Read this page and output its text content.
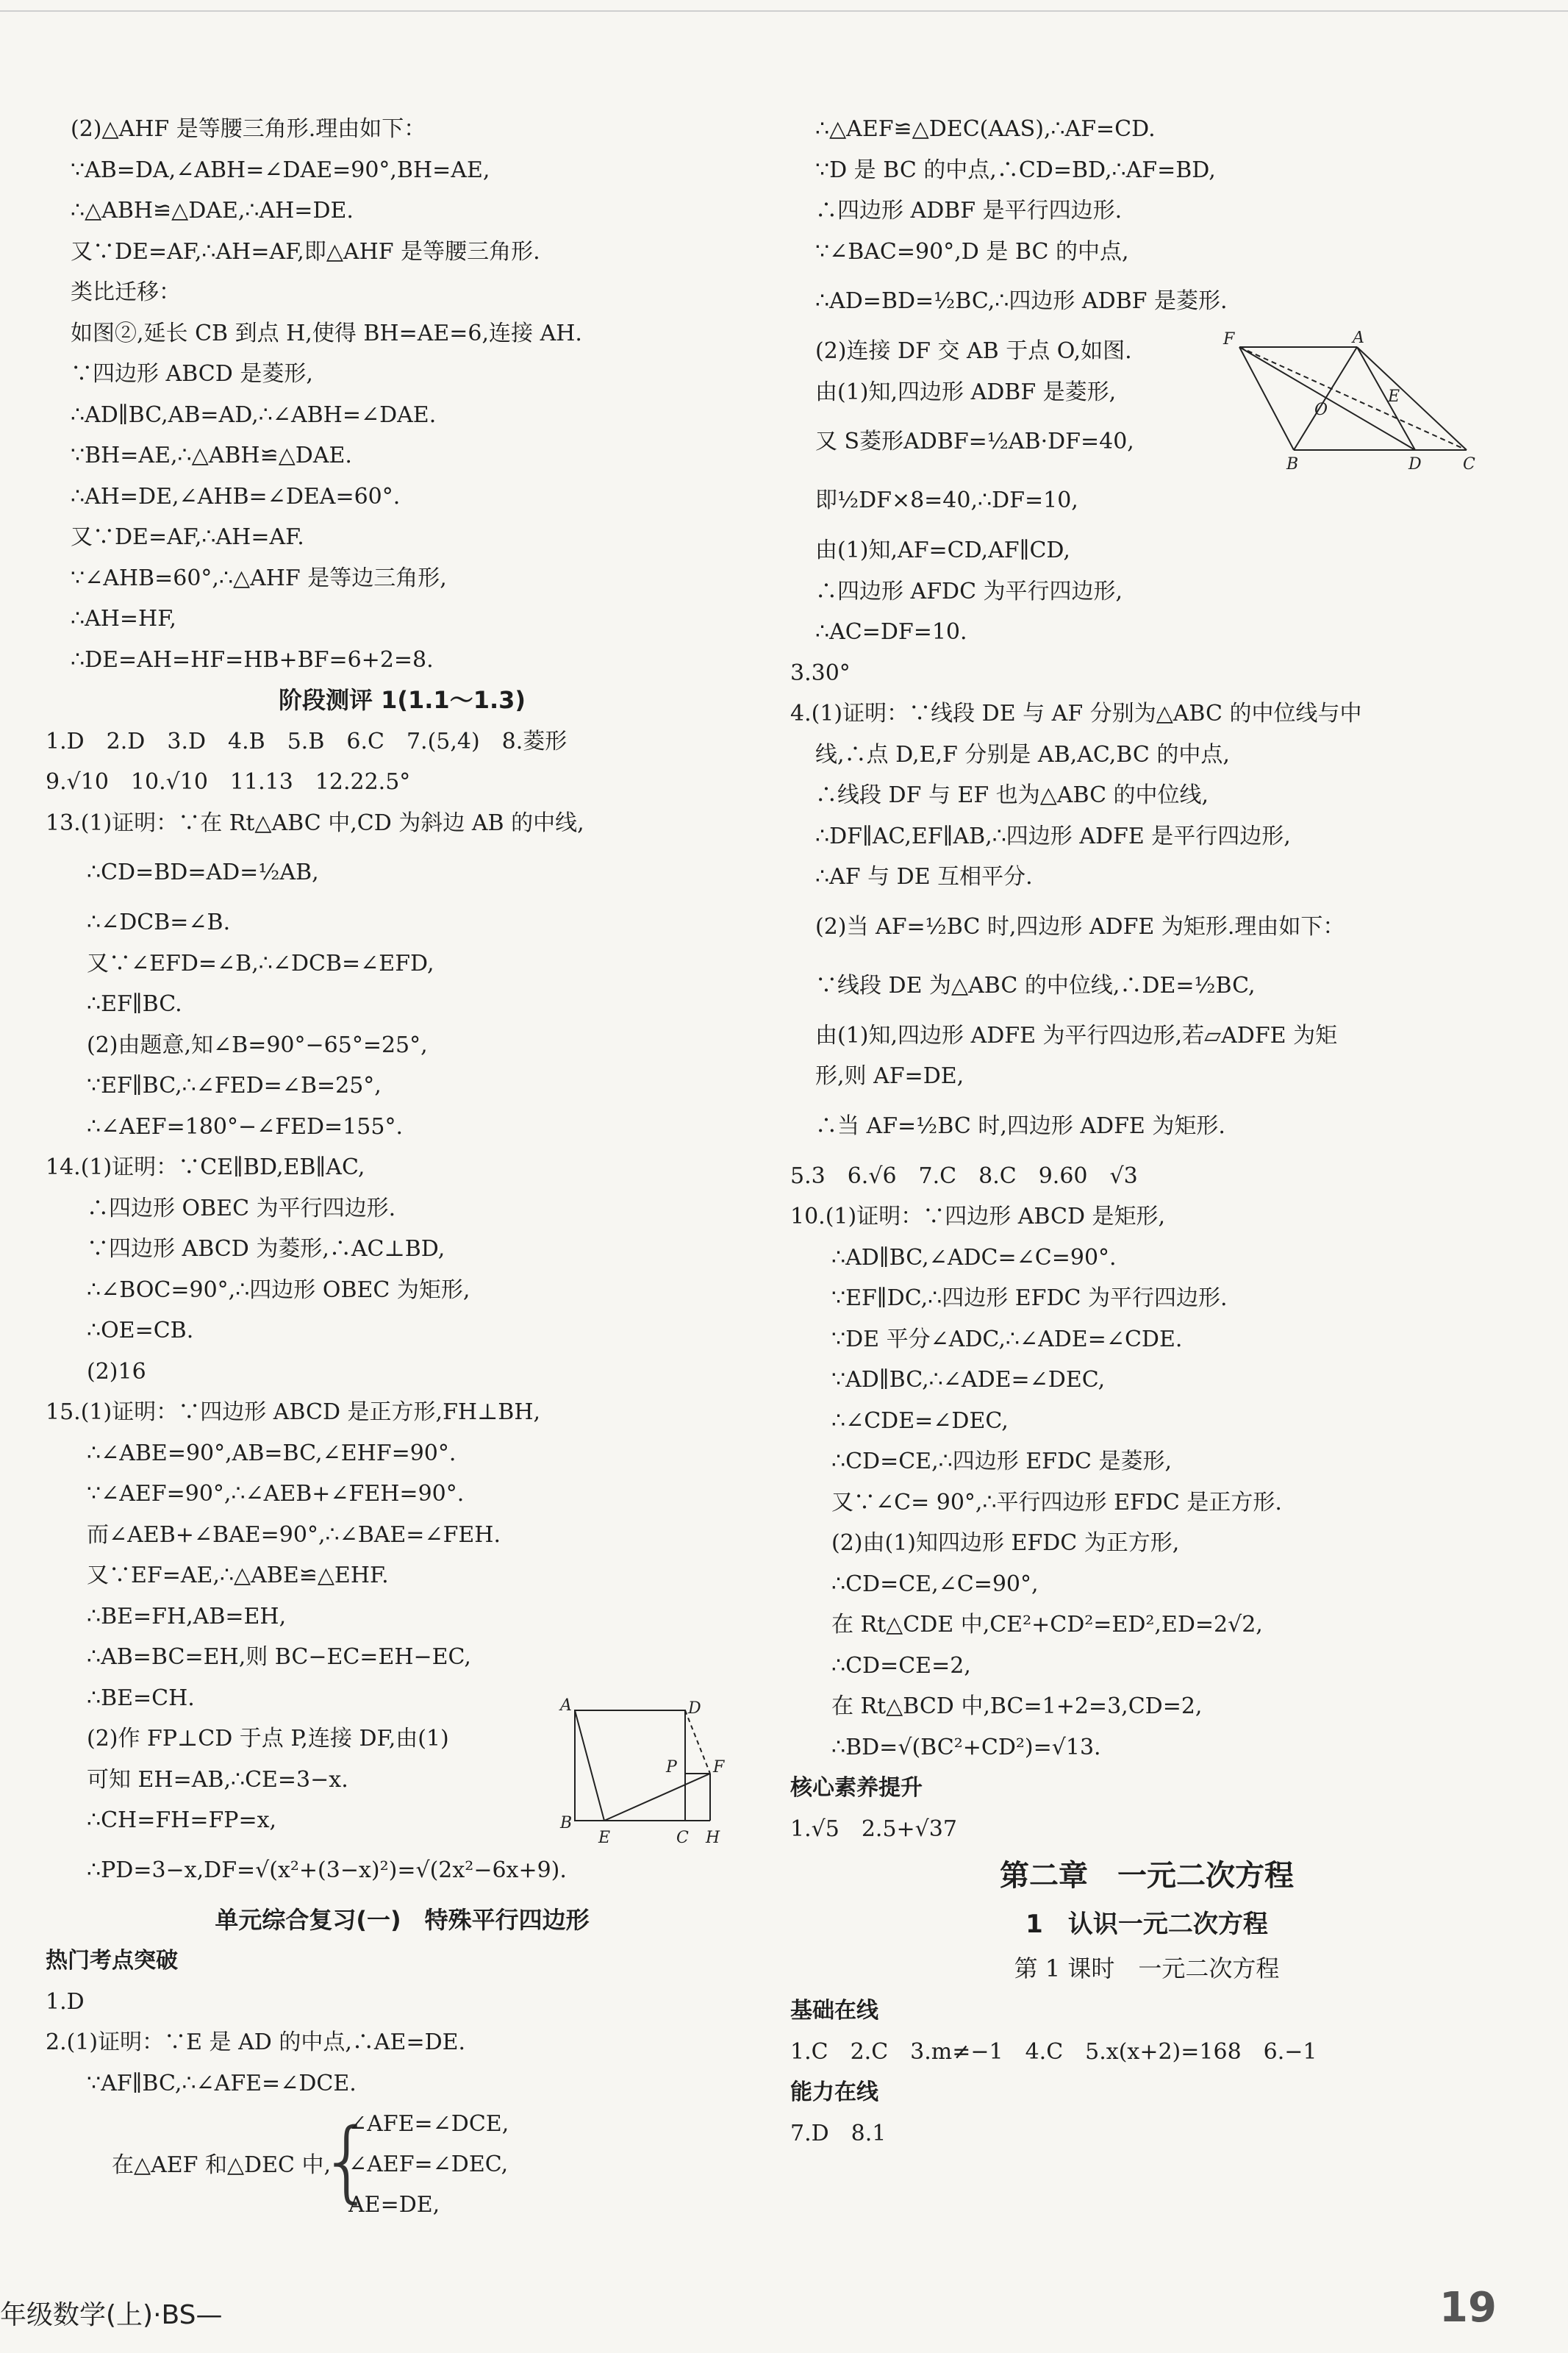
(2)△AHF 是等腰三角形.理由如下：
∵AB=DA,∠ABH=∠DAE=90°,BH=AE,
∴△ABH≌△DAE,∴AH=DE.
又∵DE=AF,∴AH=AF,即△AHF 是等腰三角形.
类比迁移：
如图②,延长 CB 到点 H,使得 BH=AE=6,连接 AH.
∵四边形 ABCD 是菱形,
∴AD∥BC,AB=AD,∴∠ABH=∠DAE.
∵BH=AE,∴△ABH≌△DAE.
∴AH=DE,∠AHB=∠DEA=60°.
又∵DE=AF,∴AH=AF.
∵∠AHB=60°,∴△AHF 是等边三角形,
∴AH=HF,
∴DE=AH=HF=HB+BF=6+2=8.
阶段测评 1(1.1～1.3)
1.D　2.D　3.D　4.B　5.B　6.C　7.(5,4)　8.菱形
9.√10　10.√10　11.13　12.22.5°
13.(1)证明：∵在 Rt△ABC 中,CD 为斜边 AB 的中线,
∴CD=BD=AD=½AB,
∴∠DCB=∠B.
又∵∠EFD=∠B,∴∠DCB=∠EFD,
∴EF∥BC.
(2)由题意,知∠B=90°−65°=25°,
∵EF∥BC,∴∠FED=∠B=25°,
∴∠AEF=180°−∠FED=155°.
14.(1)证明：∵CE∥BD,EB∥AC,
∴四边形 OBEC 为平行四边形.
∵四边形 ABCD 为菱形,∴AC⊥BD,
∴∠BOC=90°,∴四边形 OBEC 为矩形,
∴OE=CB.
(2)16
15.(1)证明：∵四边形 ABCD 是正方形,FH⊥BH,
∴∠ABE=90°,AB=BC,∠EHF=90°.
∵∠AEF=90°,∴∠AEB+∠FEH=90°.
而∠AEB+∠BAE=90°,∴∠BAE=∠FEH.
又∵EF=AE,∴△ABE≌△EHF.
∴BE=FH,AB=EH,
∴AB=BC=EH,则 BC−EC=EH−EC,
∴BE=CH.
(2)作 FP⊥CD 于点 P,连接 DF,由(1)
可知 EH=AB,∴CE=3−x.
∴CH=FH=FP=x,
∴PD=3−x,DF=√(x²+(3−x)²)=√(2x²−6x+9).
单元综合复习(一)　特殊平行四边形
热门考点突破
1.D
2.(1)证明：∵E 是 AD 的中点,∴AE=DE.
∵AF∥BC,∴∠AFE=∠DCE.
在△AEF 和△DEC 中,
{
∠AFE=∠DCE,
∠AEF=∠DEC,
AE=DE,
∴△AEF≌△DEC(AAS),∴AF=CD.
∵D 是 BC 的中点,∴CD=BD,∴AF=BD,
∴四边形 ADBF 是平行四边形.
∵∠BAC=90°,D 是 BC 的中点,
∴AD=BD=½BC,∴四边形 ADBF 是菱形.
(2)连接 DF 交 AB 于点 O,如图.
由(1)知,四边形 ADBF 是菱形,
又 S菱形ADBF=½AB·DF=40,
即½DF×8=40,∴DF=10,
由(1)知,AF=CD,AF∥CD,
∴四边形 AFDC 为平行四边形,
∴AC=DF=10.
3.30°
4.(1)证明：∵线段 DE 与 AF 分别为△ABC 的中位线与中
线,∴点 D,E,F 分别是 AB,AC,BC 的中点,
∴线段 DF 与 EF 也为△ABC 的中位线,
∴DF∥AC,EF∥AB,∴四边形 ADFE 是平行四边形,
∴AF 与 DE 互相平分.
(2)当 AF=½BC 时,四边形 ADFE 为矩形.理由如下：
∵线段 DE 为△ABC 的中位线,∴DE=½BC,
由(1)知,四边形 ADFE 为平行四边形,若▱ADFE 为矩
形,则 AF=DE,
∴当 AF=½BC 时,四边形 ADFE 为矩形.
5.3　6.√6　7.C　8.C　9.60　√3
10.(1)证明：∵四边形 ABCD 是矩形,
∴AD∥BC,∠ADC=∠C=90°.
∵EF∥DC,∴四边形 EFDC 为平行四边形.
∵DE 平分∠ADC,∴∠ADE=∠CDE.
∵AD∥BC,∴∠ADE=∠DEC,
∴∠CDE=∠DEC,
∴CD=CE,∴四边形 EFDC 是菱形,
又∵∠C= 90°,∴平行四边形 EFDC 是正方形.
(2)由(1)知四边形 EFDC 为正方形,
∴CD=CE,∠C=90°,
在 Rt△CDE 中,CE²+CD²=ED²,ED=2√2,
∴CD=CE=2,
在 Rt△BCD 中,BC=1+2=3,CD=2,
∴BD=√(BC²+CD²)=√13.
核心素养提升
1.√5　2.5+√37
第二章　一元二次方程
1　认识一元二次方程
第 1 课时　一元二次方程
基础在线
1.C　2.C　3.m≠−1　4.C　5.x(x+2)=168　6.−1
能力在线
7.D　8.1
F	A
E
O
B	D	C
A	D
P F
B
E	C H
年级数学(上)·BS—	19
